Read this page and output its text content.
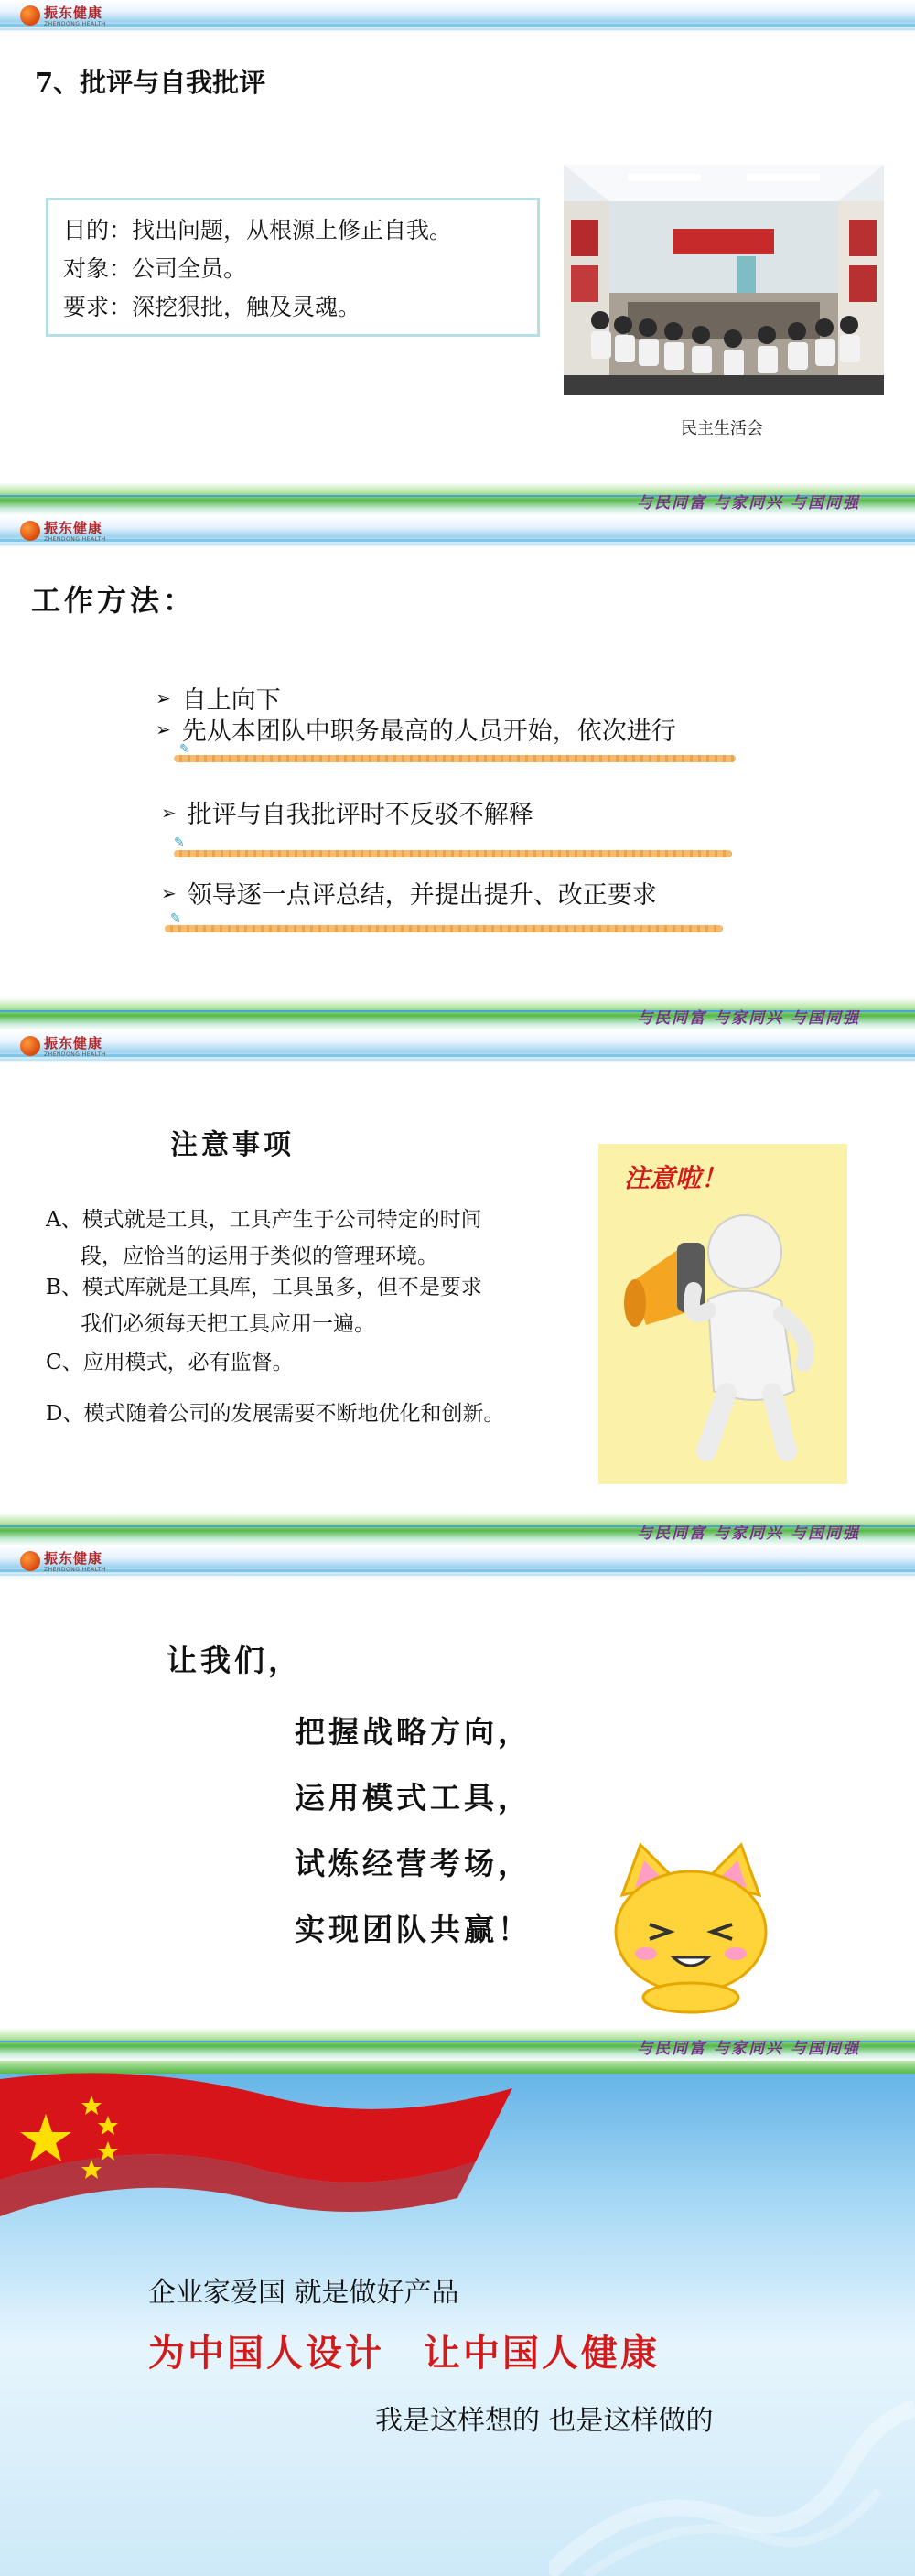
振东健康
ZHENDONG HEALTH
7、批评与自我批评
目的：找出问题，从根源上修正自我。
对象：公司全员。
要求：深挖狠批，触及灵魂。
民主生活会
与民同富 与家同兴 与国同强
振东健康
ZHENDONG HEALTH
工作方法：
➢ 自上向下
➢ 先从本团队中职务最高的人员开始，依次进行
✎
➢ 批评与自我批评时不反驳不解释
✎
➢ 领导逐一点评总结，并提出提升、改正要求
✎
与民同富 与家同兴 与国同强
振东健康
ZHENDONG HEALTH
注意事项
A、模式就是工具，工具产生于公司特定的时间
段，应恰当的运用于类似的管理环境。
B、模式库就是工具库，工具虽多，但不是要求
我们必须每天把工具应用一遍。
C、应用模式，必有监督。
D、模式随着公司的发展需要不断地优化和创新。
注意啦！
与民同富 与家同兴 与国同强
振东健康
ZHENDONG HEALTH
让我们，
把握战略方向，
运用模式工具，
试炼经营考场，
实现团队共赢！
与民同富 与家同兴 与国同强
企业家爱国 就是做好产品
为中国人设计　让中国人健康
我是这样想的 也是这样做的
